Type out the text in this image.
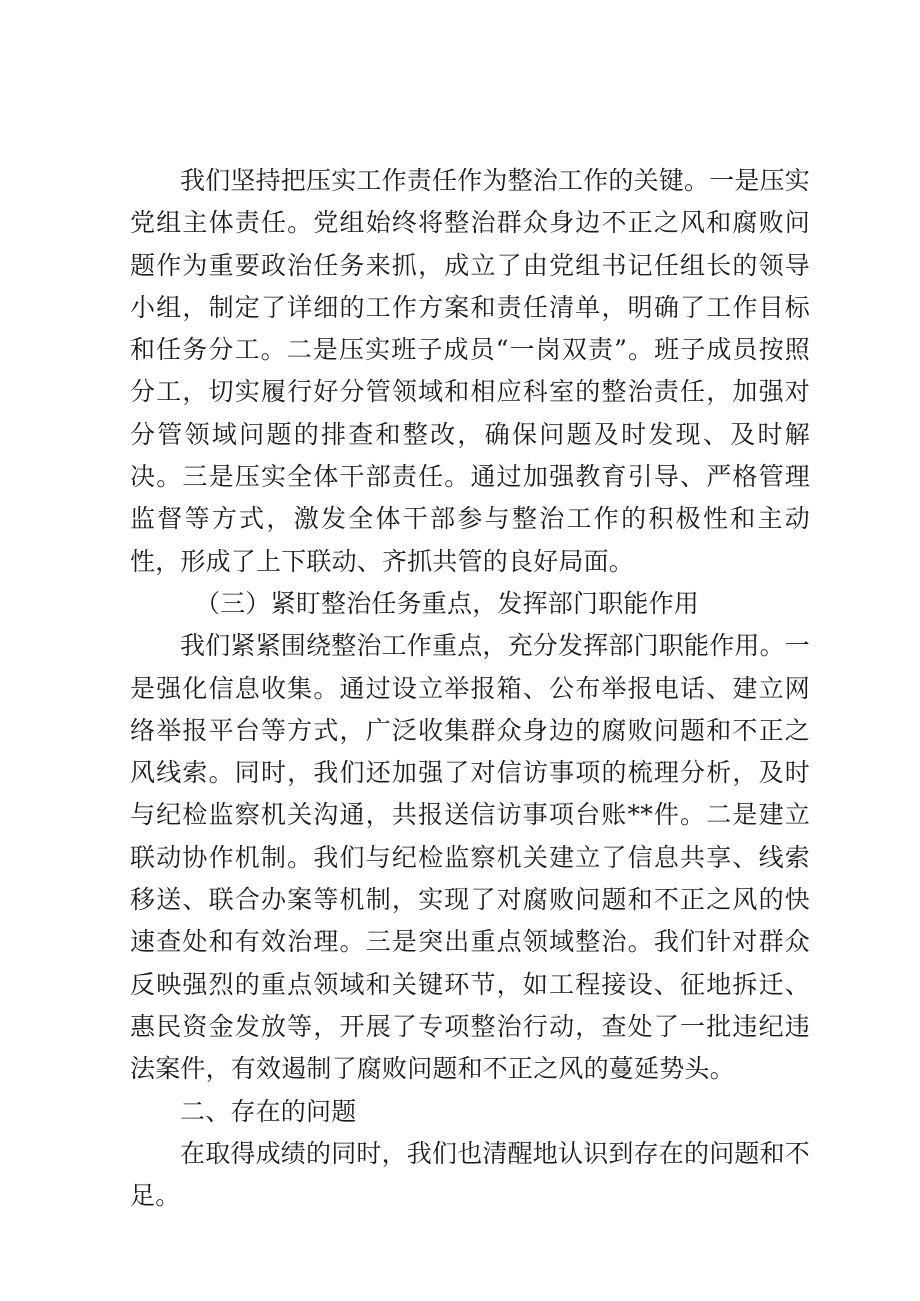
我们坚持把压实工作责任作为整治工作的关键。一是压实党组主体责任。党组始终将整治群众身边不正之风和腐败问题作为重要政治任务来抓，成立了由党组书记任组长的领导小组，制定了详细的工作方案和责任清单，明确了工作目标和任务分工。二是压实班子成员“一岗双责”。班子成员按照分工，切实履行好分管领域和相应科室的整治责任，加强对分管领域问题的排查和整改，确保问题及时发现、及时解决。三是压实全体干部责任。通过加强教育引导、严格管理监督等方式，激发全体干部参与整治工作的积极性和主动性，形成了上下联动、齐抓共管的良好局面。

（三）紧盯整治任务重点，发挥部门职能作用

我们紧紧围绕整治工作重点，充分发挥部门职能作用。一是强化信息收集。通过设立举报箱、公布举报电话、建立网络举报平台等方式，广泛收集群众身边的腐败问题和不正之风线索。同时，我们还加强了对信访事项的梳理分析，及时与纪检监察机关沟通，共报送信访事项台账**件。二是建立联动协作机制。我们与纪检监察机关建立了信息共享、线索移送、联合办案等机制，实现了对腐败问题和不正之风的快速查处和有效治理。三是突出重点领域整治。我们针对群众反映强烈的重点领域和关键环节，如工程接设、征地拆迁、惠民资金发放等，开展了专项整治行动，查处了一批违纪违法案件，有效遏制了腐败问题和不正之风的蔓延势头。

二、存在的问题

在取得成绩的同时，我们也清醒地认识到存在的问题和不足。
